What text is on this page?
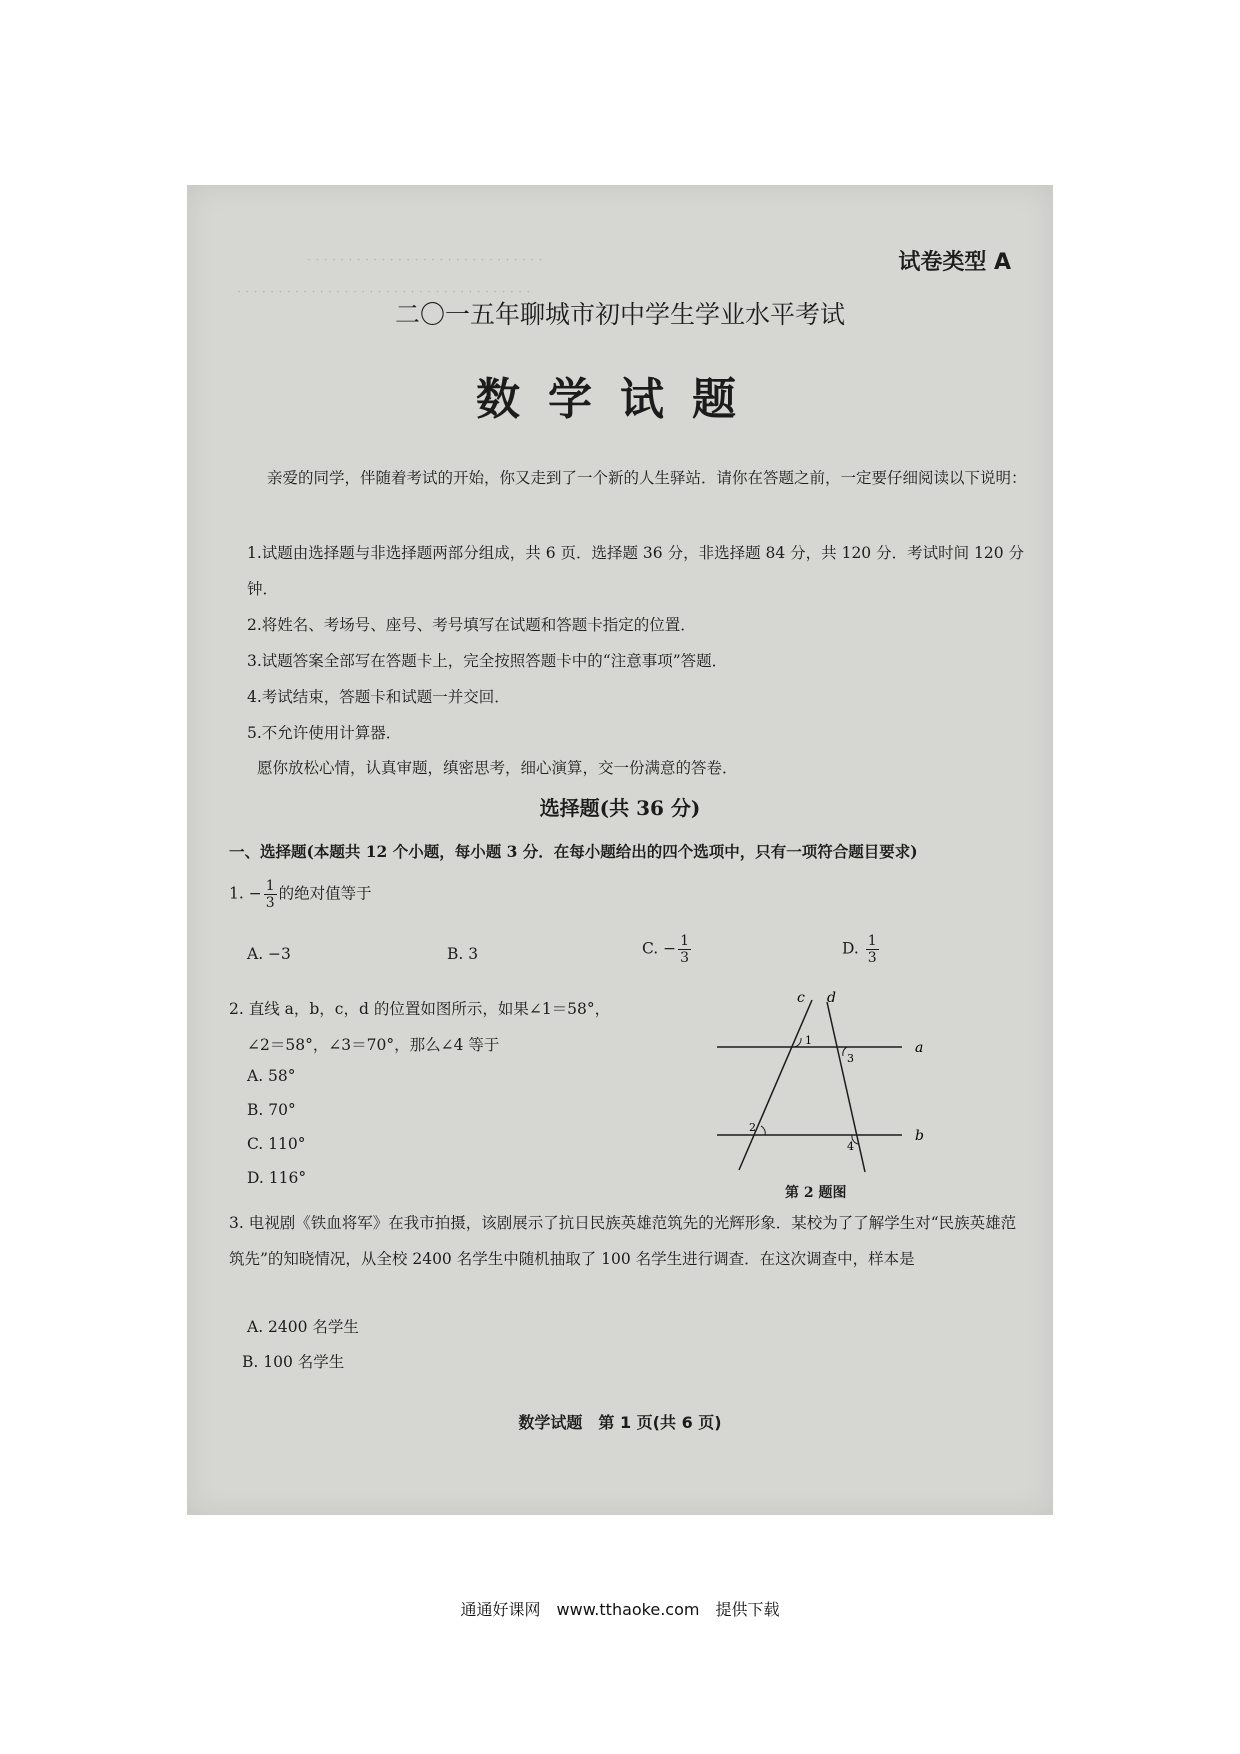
· · · · · · · · · · · · · · · · · · · · · · · · · · · · ·
· · · · · · · · · · · · · · · · · · · · · · · · · · · · · · · · · · · ·
试卷类型 A
二〇一五年聊城市初中学生学业水平考试
数学试题
亲爱的同学，伴随着考试的开始，你又走到了一个新的人生驿站．请你在答题之前，一定要仔细阅读以下说明：
1.试题由选择题与非选择题两部分组成，共 6 页．选择题 36 分，非选择题 84 分，共 120 分．考试时间 120 分钟．
2.将姓名、考场号、座号、考号填写在试题和答题卡指定的位置．
3.试题答案全部写在答题卡上，完全按照答题卡中的“注意事项”答题．
4.考试结束，答题卡和试题一并交回．
5.不允许使用计算器．
愿你放松心情，认真审题，缜密思考，细心演算，交一份满意的答卷．
选择题(共 36 分)
一、选择题(本题共 12 个小题，每小题 3 分．在每小题给出的四个选项中，只有一项符合题目要求)
1. − $\frac{1}{3}$ 的绝对值等于
A. −3	B. 3	C. − $\frac{1}{3}$	D. $\frac{1}{3}$
2. 直线 a，b，c，d 的位置如图所示，如果∠1＝58°，
∠2＝58°，∠3＝70°，那么∠4 等于
A. 58°
B. 70°
C. 110°
D. 116°
c d
a
b
1
3
2
4
第 2 题图
3. 电视剧《铁血将军》在我市拍摄，该剧展示了抗日民族英雄范筑先的光辉形象．某校为了了解学生对“民族英雄范筑先”的知晓情况，从全校 2400 名学生中随机抽取了 100 名学生进行调查．在这次调查中，样本是
A. 2400 名学生
B. 100 名学生
数学试题　第 1 页(共 6 页)
通通好课网　www.tthaoke.com　提供下载
